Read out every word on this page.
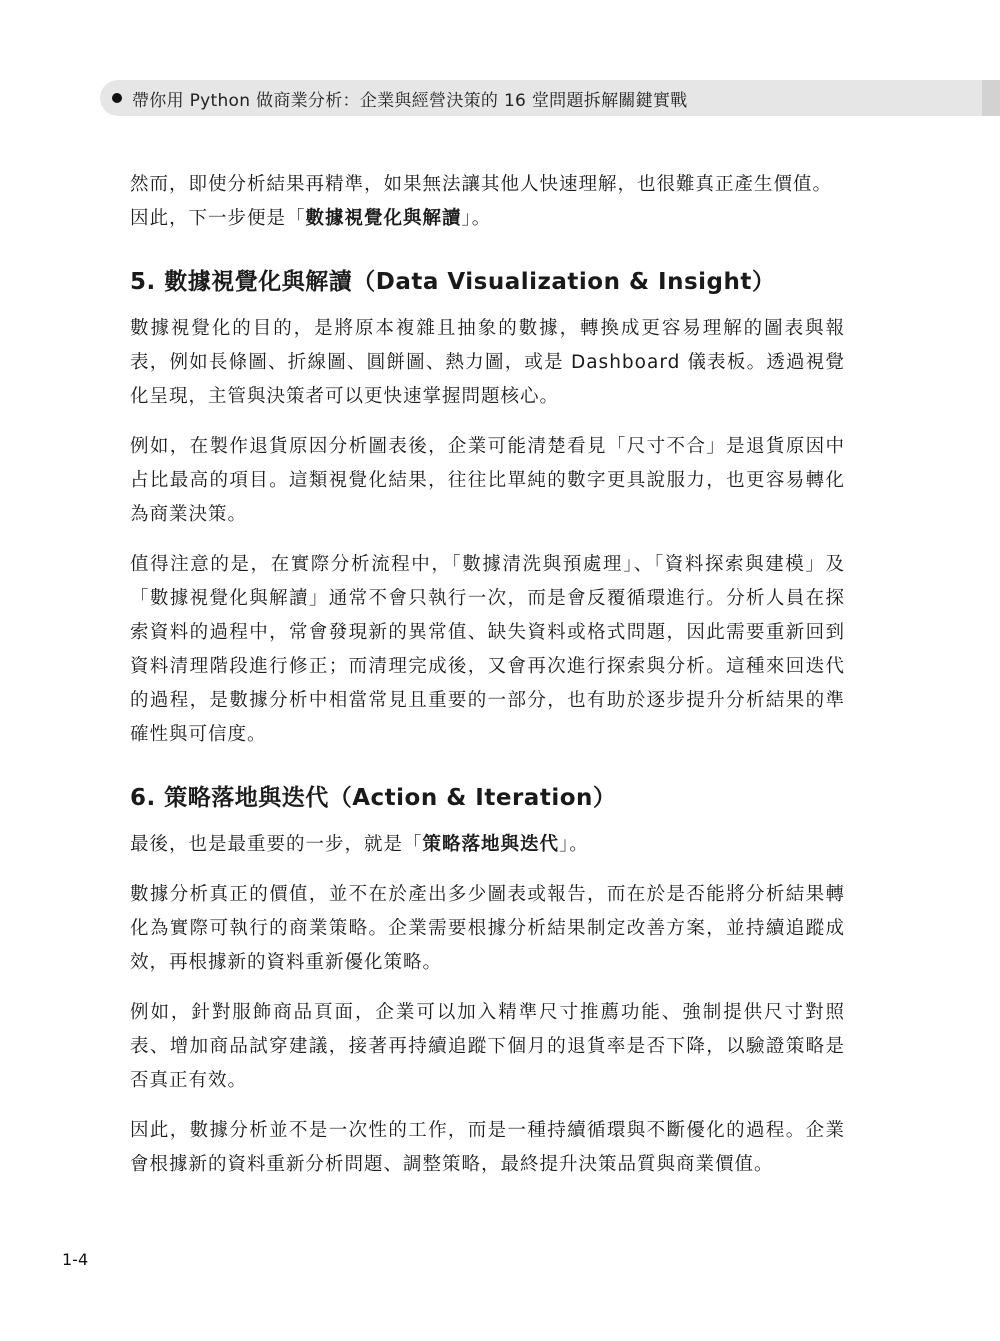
帶你用 Python 做商業分析：企業與經營決策的 16 堂問題拆解關鍵實戰

然而，即使分析結果再精準，如果無法讓其他人快速理解，也很難真正產生價值。
因此，下一步便是「數據視覺化與解讀」。

5. 數據視覺化與解讀（Data Visualization & Insight）

數據視覺化的目的，是將原本複雜且抽象的數據，轉換成更容易理解的圖表與報表，例如長條圖、折線圖、圓餅圖、熱力圖，或是 Dashboard 儀表板。透過視覺化呈現，主管與決策者可以更快速掌握問題核心。

例如，在製作退貨原因分析圖表後，企業可能清楚看見「尺寸不合」是退貨原因中占比最高的項目。這類視覺化結果，往往比單純的數字更具說服力，也更容易轉化為商業決策。

值得注意的是，在實際分析流程中，「數據清洗與預處理」、「資料探索與建模」及「數據視覺化與解讀」通常不會只執行一次，而是會反覆循環進行。分析人員在探索資料的過程中，常會發現新的異常值、缺失資料或格式問題，因此需要重新回到資料清理階段進行修正；而清理完成後，又會再次進行探索與分析。這種來回迭代的過程，是數據分析中相當常見且重要的一部分，也有助於逐步提升分析結果的準確性與可信度。

6. 策略落地與迭代（Action & Iteration）

最後，也是最重要的一步，就是「策略落地與迭代」。

數據分析真正的價值，並不在於產出多少圖表或報告，而在於是否能將分析結果轉化為實際可執行的商業策略。企業需要根據分析結果制定改善方案，並持續追蹤成效，再根據新的資料重新優化策略。

例如，針對服飾商品頁面，企業可以加入精準尺寸推薦功能、強制提供尺寸對照表、增加商品試穿建議，接著再持續追蹤下個月的退貨率是否下降，以驗證策略是否真正有效。

因此，數據分析並不是一次性的工作，而是一種持續循環與不斷優化的過程。企業會根據新的資料重新分析問題、調整策略，最終提升決策品質與商業價值。

1-4
